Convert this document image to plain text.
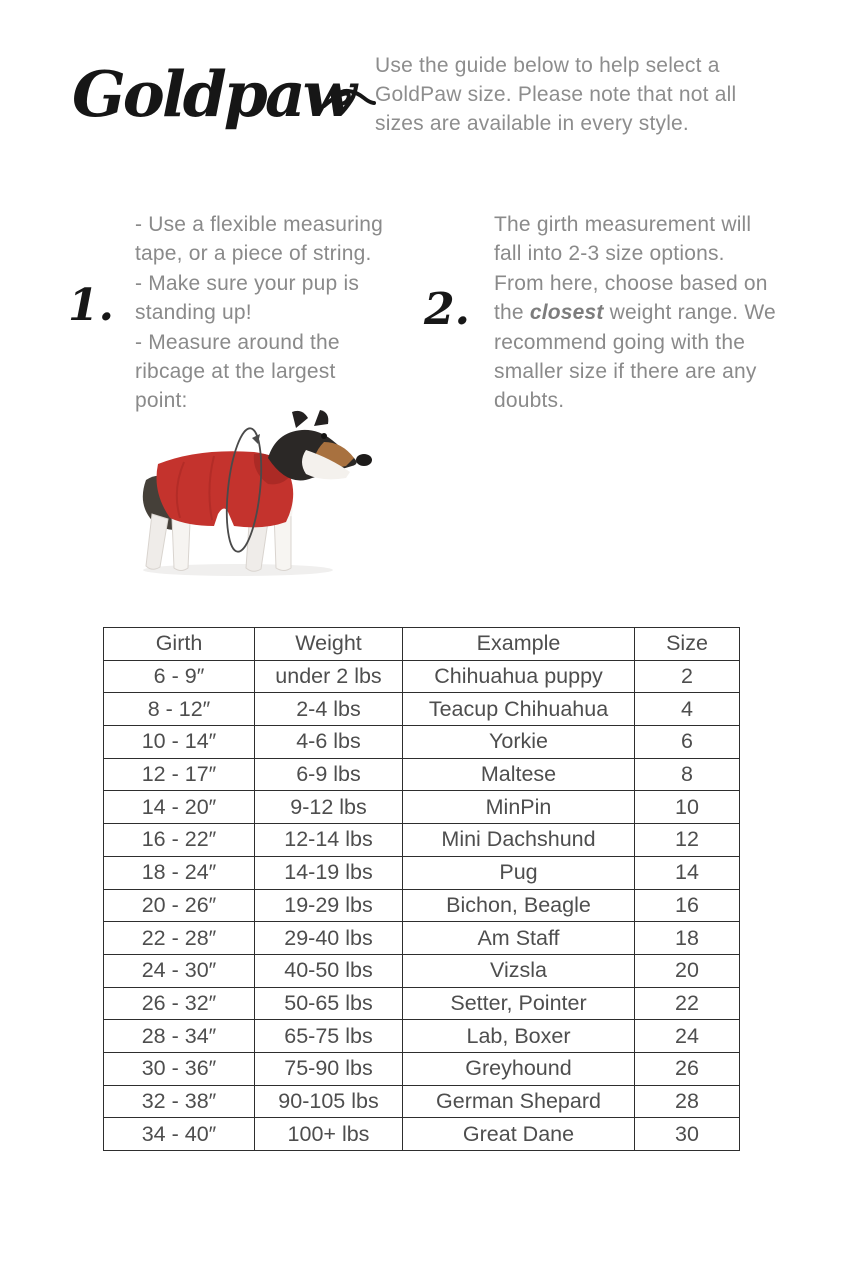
Goldpaw Use the guide below to help select a GoldPaw size. Please note that not all sizes are available in every style.
1.
- Use a flexible measuring tape, or a piece of string.
- Make sure your pup is standing up!
- Measure around the ribcage at the largest point:
2.
The girth measurement will fall into 2-3 size options. From here, choose based on the closest weight range. We recommend going with the smaller size if there are any doubts.
Girth	Weight	Example	Size
6 - 9″	under 2 lbs	Chihuahua puppy	2
8 - 12″	2-4 lbs	Teacup Chihuahua	4
10 - 14″	4-6 lbs	Yorkie	6
12 - 17″	6-9 lbs	Maltese	8
14 - 20″	9-12 lbs	MinPin	10
16 - 22″	12-14 lbs	Mini Dachshund	12
18 - 24″	14-19 lbs	Pug	14
20 - 26″	19-29 lbs	Bichon, Beagle	16
22 - 28″	29-40 lbs	Am Staff	18
24 - 30″	40-50 lbs	Vizsla	20
26 - 32″	50-65 lbs	Setter, Pointer	22
28 - 34″	65-75 lbs	Lab, Boxer	24
30 - 36″	75-90 lbs	Greyhound	26
32 - 38″	90-105 lbs	German Shepard	28
34 - 40″	100+ lbs	Great Dane	30
